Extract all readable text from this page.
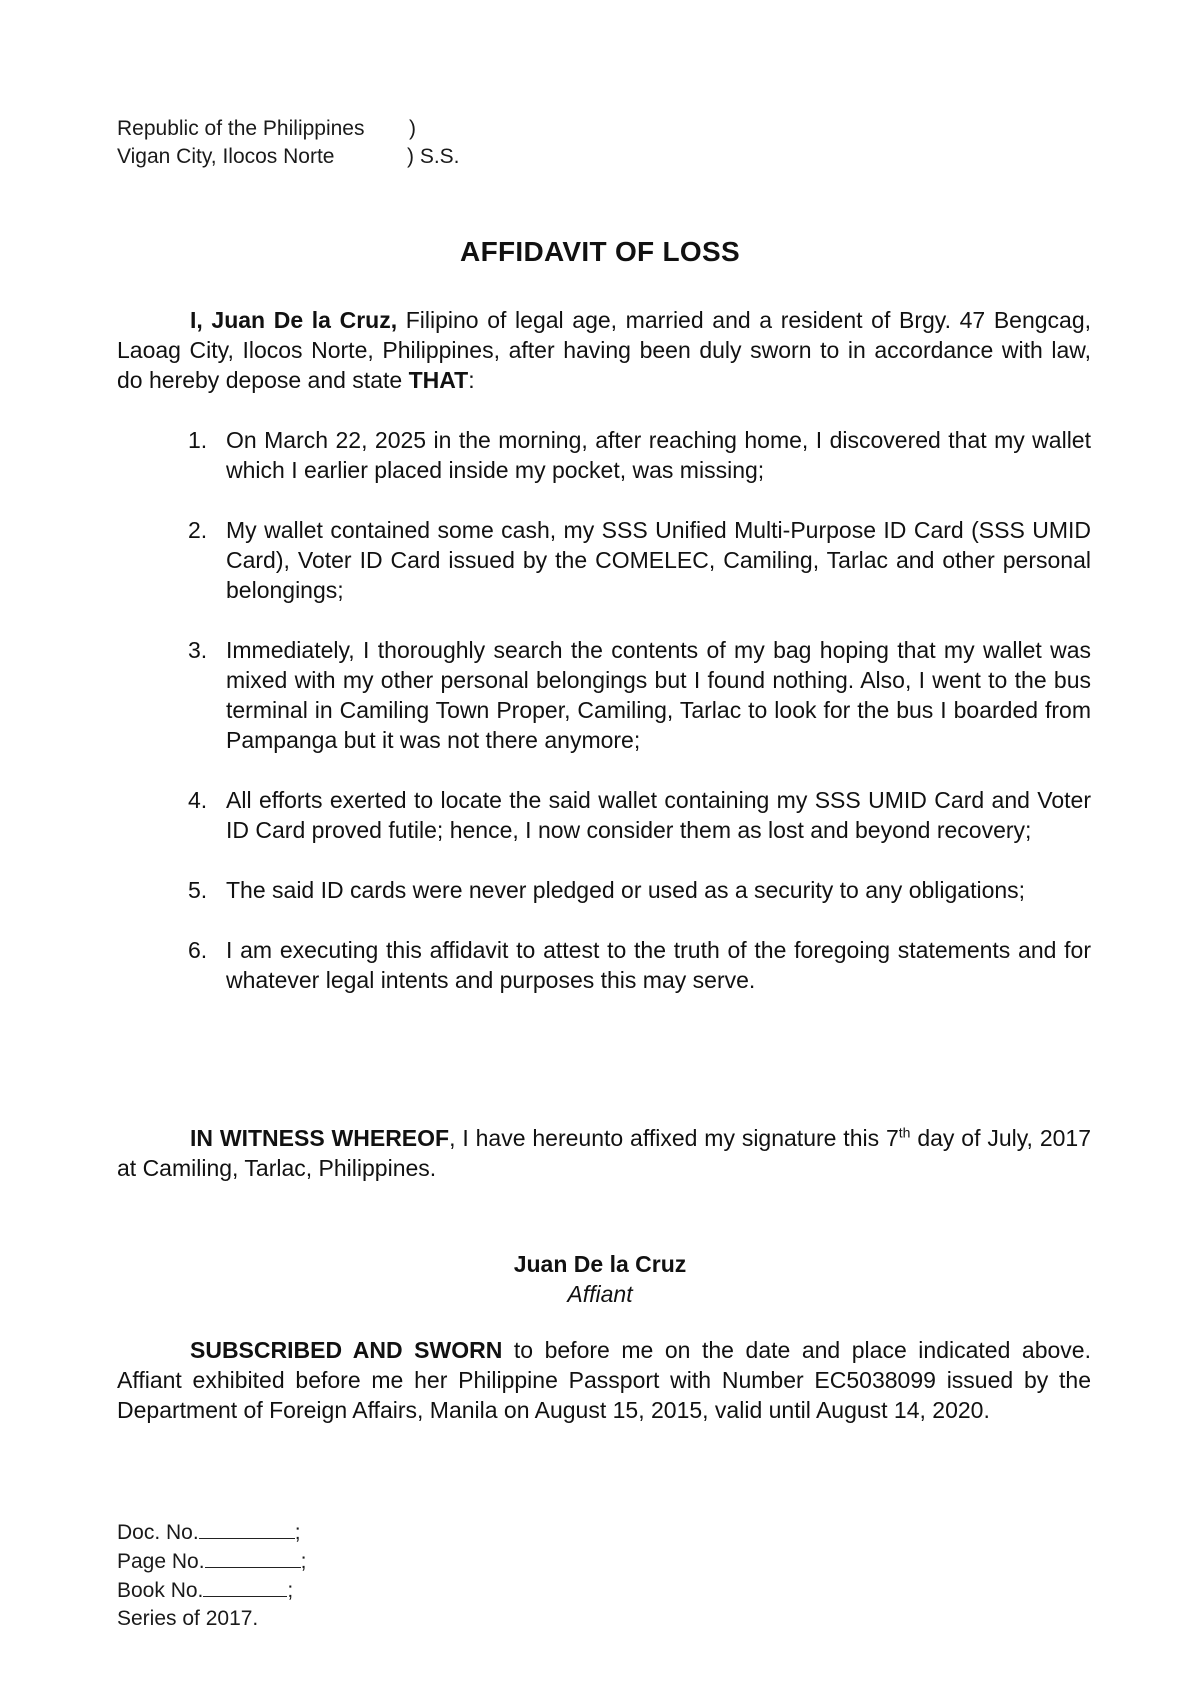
Republic of the Philippines )
Vigan City, Ilocos Norte	) S.S.
AFFIDAVIT OF LOSS

I, Juan De la Cruz, Filipino of legal age, married and a resident of Brgy. 47 Bengcag, Laoag City, Ilocos Norte, Philippines, after having been duly sworn to in accordance with law, do hereby depose and state THAT:

1. On March 22, 2025 in the morning, after reaching home, I discovered that my wallet which I earlier placed inside my pocket, was missing;
2. My wallet contained some cash, my SSS Unified Multi-Purpose ID Card (SSS UMID Card), Voter ID Card issued by the COMELEC, Camiling, Tarlac and other personal belongings;
3. Immediately, I thoroughly search the contents of my bag hoping that my wallet was mixed with my other personal belongings but I found nothing. Also, I went to the bus terminal in Camiling Town Proper, Camiling, Tarlac to look for the bus I boarded from Pampanga but it was not there anymore;
4. All efforts exerted to locate the said wallet containing my SSS UMID Card and Voter ID Card proved futile; hence, I now consider them as lost and beyond recovery;
5. The said ID cards were never pledged or used as a security to any obligations;
6. I am executing this affidavit to attest to the truth of the foregoing statements and for whatever legal intents and purposes this may serve.

IN WITNESS WHEREOF, I have hereunto affixed my signature this 7th day of July, 2017 at Camiling, Tarlac, Philippines.

Juan De la Cruz
Affiant

SUBSCRIBED AND SWORN to before me on the date and place indicated above. Affiant exhibited before me her Philippine Passport with Number EC5038099 issued by the Department of Foreign Affairs, Manila on August 15, 2015, valid until August 14, 2020.

Doc. No.	;
Page No.	;
Book No.	;
Series of 2017.
